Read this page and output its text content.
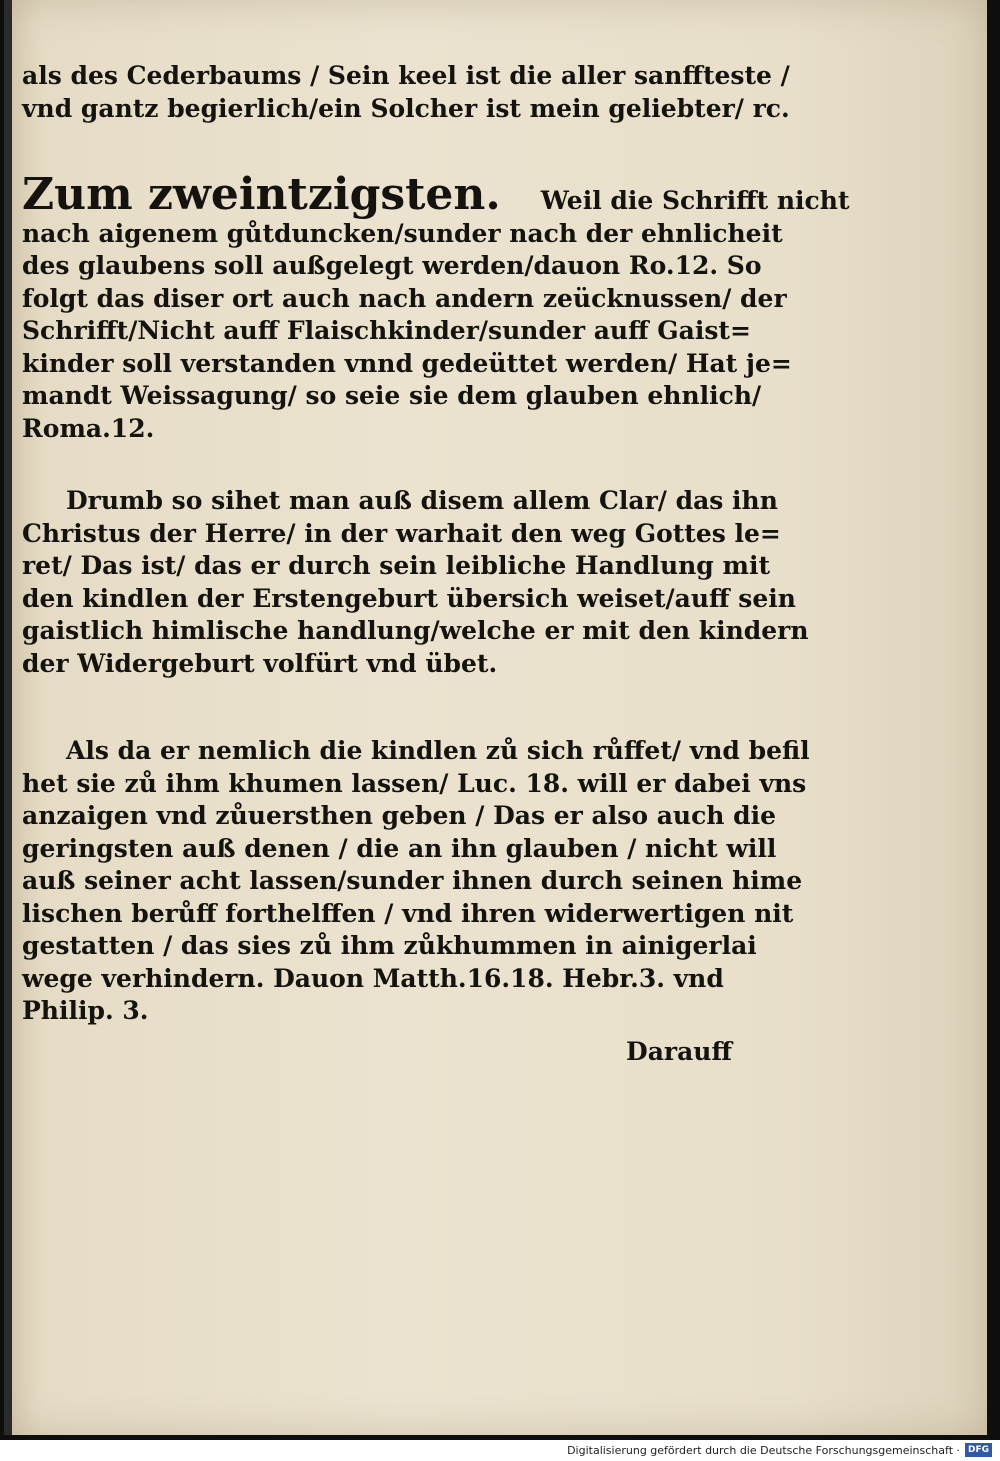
als des Cederbaums / Sein keel ist die aller sanffteste /
vnd gantz begierlich/ein Solcher ist mein geliebter/ rc.
Zum zweintzigsten. Weil die Schrifft nicht
nach aigenem gůtduncken/sunder nach der ehnlicheit
des glaubens soll außgelegt werden/dauon Ro.12. So
folgt das diser ort auch nach andern zeücknussen/ der
Schrifft/Nicht auff Flaischkinder/sunder auff Gaist=
kinder soll verstanden vnnd gedeüttet werden/ Hat je=
mandt Weissagung/ so seie sie dem glauben ehnlich/
Roma.12.
Drumb so sihet man auß disem allem Clar/ das ihn
Christus der Herre/ in der warhait den weg Gottes le=
ret/ Das ist/ das er durch sein leibliche Handlung mit
den kindlen der Erstengeburt übersich weiset/auff sein
gaistlich himlische handlung/welche er mit den kindern
der Widergeburt volfürt vnd übet.
Als da er nemlich die kindlen zů sich růffet/ vnd befil
het sie zů ihm khumen lassen/ Luc. 18. will er dabei vns
anzaigen vnd zůuersthen geben / Das er also auch die
geringsten auß denen / die an ihn glauben / nicht will
auß seiner acht lassen/sunder ihnen durch seinen hime
lischen berůff forthelffen / vnd ihren widerwertigen nit
gestatten / das sies zů ihm zůkhummen in ainigerlai
wege verhindern. Dauon Matth.16.18. Hebr.3. vnd
Philip. 3.
Darauff
Digitalisierung gefördert durch die Deutsche Forschungsgemeinschaft · DFG
